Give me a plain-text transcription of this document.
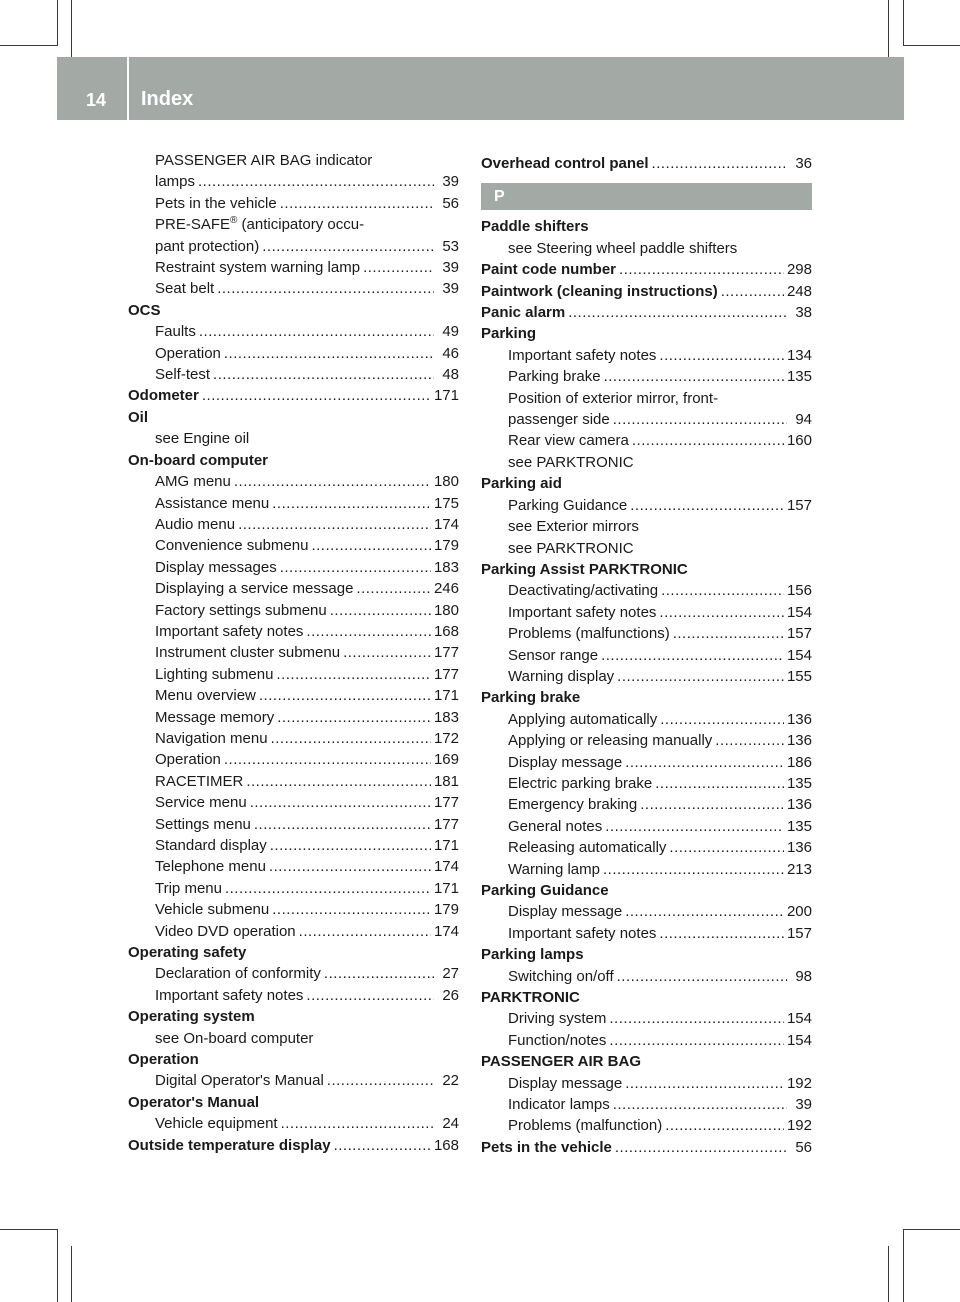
14 Index
PASSENGER AIR BAG indicator
lamps .....	39
Pets in the vehicle .....	56
PRE-SAFE® (anticipatory occu-
pant protection) .....	53
Restraint system warning lamp .....	39
Seat belt .....	39
OCS
Faults .....	49
Operation .....	46
Self-test .....	48
Odometer .....	171
Oil
see Engine oil
On-board computer
AMG menu .....	180
Assistance menu .....	175
Audio menu .....	174
Convenience submenu .....	179
Display messages .....	183
Displaying a service message .....	246
Factory settings submenu .....	180
Important safety notes .....	168
Instrument cluster submenu .....	177
Lighting submenu .....	177
Menu overview .....	171
Message memory .....	183
Navigation menu .....	172
Operation .....	169
RACETIMER .....	181
Service menu .....	177
Settings menu .....	177
Standard display .....	171
Telephone menu .....	174
Trip menu .....	171
Vehicle submenu .....	179
Video DVD operation .....	174
Operating safety
Declaration of conformity .....	27
Important safety notes .....	26
Operating system
see On-board computer
Operation
Digital Operator's Manual .....	22
Operator's Manual
Vehicle equipment .....	24
Outside temperature display .....	168
Overhead control panel .....	36
P
Paddle shifters
see Steering wheel paddle shifters
Paint code number .....	298
Paintwork (cleaning instructions) .....	248
Panic alarm .....	38
Parking
Important safety notes .....	134
Parking brake .....	135
Position of exterior mirror, front-
passenger side .....	94
Rear view camera .....	160
see PARKTRONIC
Parking aid
Parking Guidance .....	157
see Exterior mirrors
see PARKTRONIC
Parking Assist PARKTRONIC
Deactivating/activating .....	156
Important safety notes .....	154
Problems (malfunctions) .....	157
Sensor range .....	154
Warning display .....	155
Parking brake
Applying automatically .....	136
Applying or releasing manually .....	136
Display message .....	186
Electric parking brake .....	135
Emergency braking .....	136
General notes .....	135
Releasing automatically .....	136
Warning lamp .....	213
Parking Guidance
Display message .....	200
Important safety notes .....	157
Parking lamps
Switching on/off .....	98
PARKTRONIC
Driving system .....	154
Function/notes .....	154
PASSENGER AIR BAG
Display message .....	192
Indicator lamps .....	39
Problems (malfunction) .....	192
Pets in the vehicle .....	56
